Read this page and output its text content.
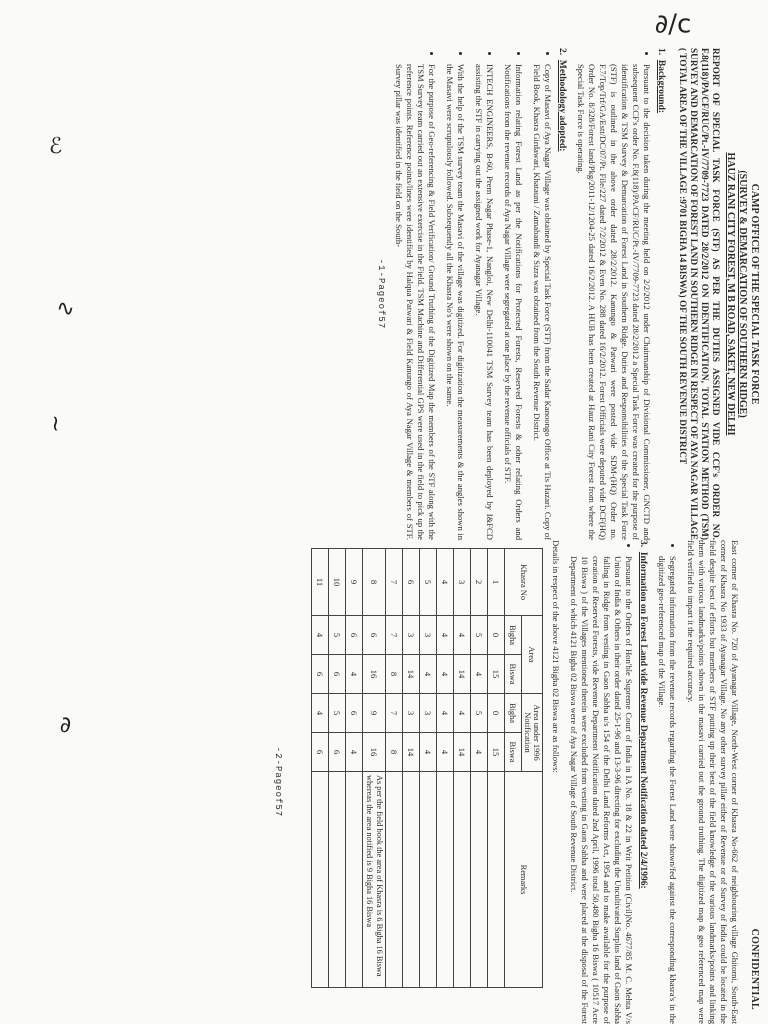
CAMP OFFICE OF THE SPECIAL TASK FORCE
(SURVEY & DEMARCATION OF SOUTHERN RIDGE)
HAUZ RANI CITY FOREST, M B ROAD, SAKET, NEW DELHI
REPORT OF SPECIAL TASK FORCE (STF) AS PER THE DUTIES ASSIGNED VIDE CCF's ORDER NO. F.8(118)/PA/CF/RUC/Pt.-IV/7709-7723 DATED 28/2/2012 ON IDENTIFICATION, TOTAL STATION METHOD (TSM) SURVEY AND DEMARCATION OF FOREST LAND IN SOUTHERN RIDGE IN RESPECT OF AYA NAGAR VILLAGE ( TOTAL AREA OF THE VILLAGE :9701 BIGHA 14 BISWA) OF THE SOUTH REVENUE DISTRICT
1.  Background:
• Pursuant to the decision taken during the meeting held on 2/2/2012 under Chairmanship of Divisional Commissioner, GNCTD and subsequent CCF's order No. F.8(118)/PA/CF/RUC/Pt.-IV/7709-7723 dated 28/2/2012 a Special Task Force was created for the purpose of identification & TSM Survey & Demarcation of Forest Land in Southern Ridge. Duties and Responsibilities of the Special Task Force (STF) is outlined in the above order dated 28/2/2012. Kanungo & Patwari were posted vide SDM-(HQ) Order no. F.7/Top/Trf/GA/Estt/DC/07/Pt. File/227 dated 7/2/2012 & Even No. 288 dated 16/2/2012. Forest Officials were deputed vide DCF(HQ) Order No. 8/328/Forest land/Pkg/2011-12/1204-25 dated 16/2/2012. A HUB has been created at Hauz Rani City Forest from where the Special Task Force is operating.
2.  Methodology adopted:
• Copy of Masavi of Aya Nagar Village was obtained by Special Task Force (STF) from the Sadar Kanoongo Office at Tis Hazari. Copy of Field Book, Khasra Girdawari, Khatauni / Zamabandi & Sizra was obtained from the South Revenue District.
• Information relating Forest Land as per the Notifications for Protected Forests, Reserved Forests & other relating Orders and Notifications from the revenue records of Aya Nagar Village were segregated at one place by the revenue officials of STF.
• INTECH ENGINEERS, B-60, Prem Nagar Phase-1, Nangloi, New Delhi-110041 TSM Survey team has been deployed by I&FCD assisting the STF in carrying out the assigned work for Ayanagar Village.
• With the help of the TSM survey team the Masavi of the village was digitized. For digitization the measurements & the angles shown in the Masavi were scrupulously followed. Subsequently all the Khasra No's were shown on the same.
• For the purpose of Geo-referencing & Field Verification/ Ground Truthing of the Digitized Map the members of the STF along with the TSM Survey team carried out an extensive exercise in the Field. TSM Machine and Differential GPS were used in the field to pick up the reference points. Reference points/lines were identified by Halqua Patwari & Field Kanungo of Aya Nagar Village & members of STF. Survey pillar was identified in the field on the South-
-1-Pageof57
CONFIDENTIAL

East corner of Khasra No. 720 of Ayanagar Village, North-West corner of Khasra No-662 of neighbouring village Ghitorni, South-East corner of Khasra No 1933 of Ayanagar Village. No any other survey pillar either of Revenue or of Survey of India could be located in the field despite best of efforts but members of STF putting up their best of the field knowledge of the various landmarks/points and linking them with various landmarks/points shown in the masavi carried out the ground truthing. The digitized map & geo referenced map were field verified to impart it the required accuracy.

• Segregated information from the revenue records regarding the Forest Land were shown/fed against the corresponding khasra's in the digitized geo-referenced map of the Village.
3.  Information on Forest Land vide Revenue Department Notification dated 2/4/1996:
• Pursuant to the Orders of Hon'ble Supreme Court of India in IA No. 18 & 22 in Writ Petition (Civil)No. 4677/85 M. C. Mehta V/s Union of India & Others in their order dated 25-1-96 and 13-3-96 directing for excluding the Uncultivated Surplus land of Gaon Sabha falling in Ridge from vesting in Gaon Sabha u/s 154 of the Delhi Land Reforms Act, 1954 and to make available for the purpose of creation of Reserved Forests, vide Revenue Department Notification dated 2nd April, 1996 total 50,480 Bigha 16 Biswa ( 10517 Acre 10 Biswa ) of the Villages mentioned therein were excluded from vesting in Gaon Sabha and were placed at the disposal of the Forest Department of which 4121 Bigha 02 Biswa were of Aya Nagar Village of South Revenue District.

Details in respect of the above 4121 Bigha 02 Biswa are as follows:

Khasra No	Area		Area under 1996 Notification		Remarks
	Bigha	Biswa	Bigha	Biswa	
1	0	15	0	15	
2	5	4	5	4	
3	4	14	4	14	
4	4	4	4	4	
5	3	4	3	4	
6	3	14	3	14	
7	7	8	7	8	
8	6	16	9	16	As per the field book the area of Khasra is 6 Bigha 16 Biswa whereas the area notified is 9 Bigha 16 Biswa
9	6	4	6	4	
10	5	6	5	6	
11	4	6	4	6	
-2-Pageof57
∂/c
ℰ
∿
≀
∂
